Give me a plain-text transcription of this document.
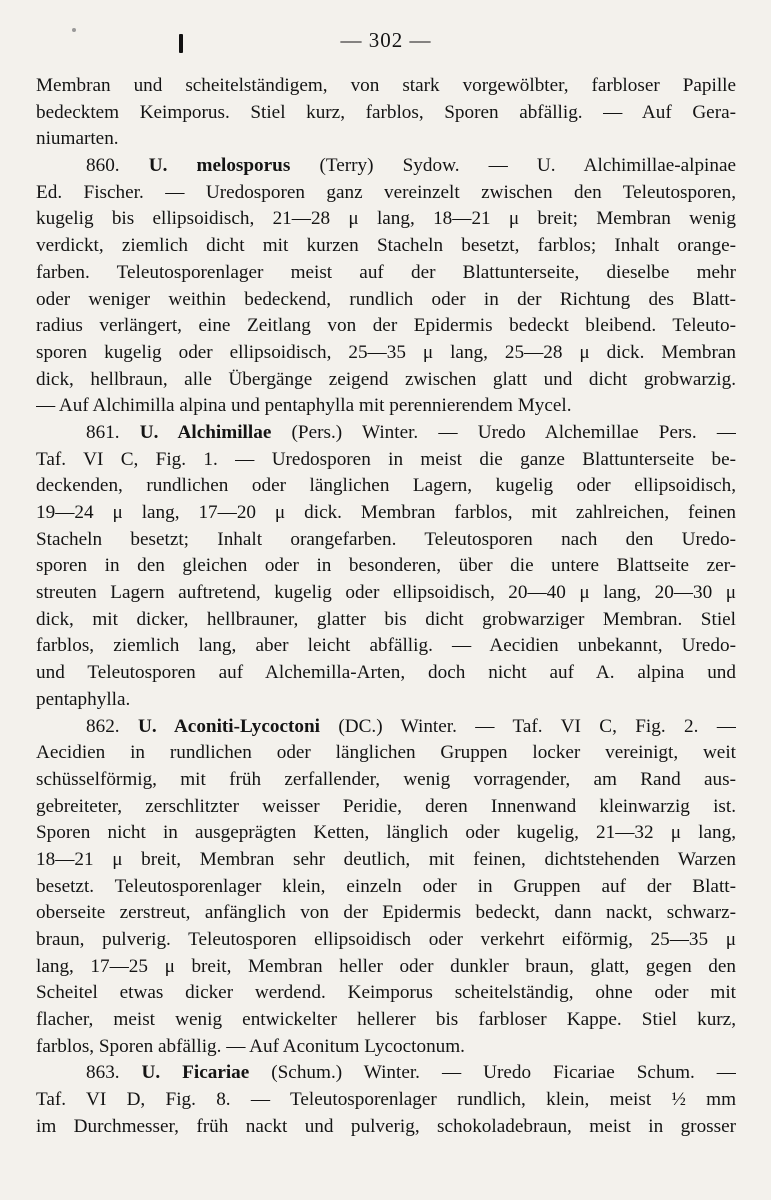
— 302 —
Membran und scheitelständigem, von stark vorgewölbter, farbloser Papille
bedecktem Keimporus. Stiel kurz, farblos, Sporen abfällig. — Auf Gera-
niumarten.
860. U. melosporus (Terry) Sydow. — U. Alchimillae-alpinae
Ed. Fischer. — Uredosporen ganz vereinzelt zwischen den Teleutosporen,
kugelig bis ellipsoidisch, 21—28 μ lang, 18—21 μ breit; Membran wenig
verdickt, ziemlich dicht mit kurzen Stacheln besetzt, farblos; Inhalt orange-
farben. Teleutosporenlager meist auf der Blattunterseite, dieselbe mehr
oder weniger weithin bedeckend, rundlich oder in der Richtung des Blatt-
radius verlängert, eine Zeitlang von der Epidermis bedeckt bleibend. Teleuto-
sporen kugelig oder ellipsoidisch, 25—35 μ lang, 25—28 μ dick. Membran
dick, hellbraun, alle Übergänge zeigend zwischen glatt und dicht grobwarzig.
— Auf Alchimilla alpina und pentaphylla mit perennierendem Mycel.
861. U. Alchimillae (Pers.) Winter. — Uredo Alchemillae Pers. —
Taf. VI C, Fig. 1. — Uredosporen in meist die ganze Blattunterseite be-
deckenden, rundlichen oder länglichen Lagern, kugelig oder ellipsoidisch,
19—24 μ lang, 17—20 μ dick. Membran farblos, mit zahlreichen, feinen
Stacheln besetzt; Inhalt orangefarben. Teleutosporen nach den Uredo-
sporen in den gleichen oder in besonderen, über die untere Blattseite zer-
streuten Lagern auftretend, kugelig oder ellipsoidisch, 20—40 μ lang, 20—30 μ
dick, mit dicker, hellbrauner, glatter bis dicht grobwarziger Membran. Stiel
farblos, ziemlich lang, aber leicht abfällig. — Aecidien unbekannt, Uredo-
und Teleutosporen auf Alchemilla-Arten, doch nicht auf A. alpina und
pentaphylla.
862. U. Aconiti-Lycoctoni (DC.) Winter. — Taf. VI C, Fig. 2. —
Aecidien in rundlichen oder länglichen Gruppen locker vereinigt, weit
schüsselförmig, mit früh zerfallender, wenig vorragender, am Rand aus-
gebreiteter, zerschlitzter weisser Peridie, deren Innenwand kleinwarzig ist.
Sporen nicht in ausgeprägten Ketten, länglich oder kugelig, 21—32 μ lang,
18—21 μ breit, Membran sehr deutlich, mit feinen, dichtstehenden Warzen
besetzt. Teleutosporenlager klein, einzeln oder in Gruppen auf der Blatt-
oberseite zerstreut, anfänglich von der Epidermis bedeckt, dann nackt, schwarz-
braun, pulverig. Teleutosporen ellipsoidisch oder verkehrt eiförmig, 25—35 μ
lang, 17—25 μ breit, Membran heller oder dunkler braun, glatt, gegen den
Scheitel etwas dicker werdend. Keimporus scheitelständig, ohne oder mit
flacher, meist wenig entwickelter hellerer bis farbloser Kappe. Stiel kurz,
farblos, Sporen abfällig. — Auf Aconitum Lycoctonum.
863. U. Ficariae (Schum.) Winter. — Uredo Ficariae Schum. —
Taf. VI D, Fig. 8. — Teleutosporenlager rundlich, klein, meist ½ mm
im Durchmesser, früh nackt und pulverig, schokoladebraun, meist in grosser
